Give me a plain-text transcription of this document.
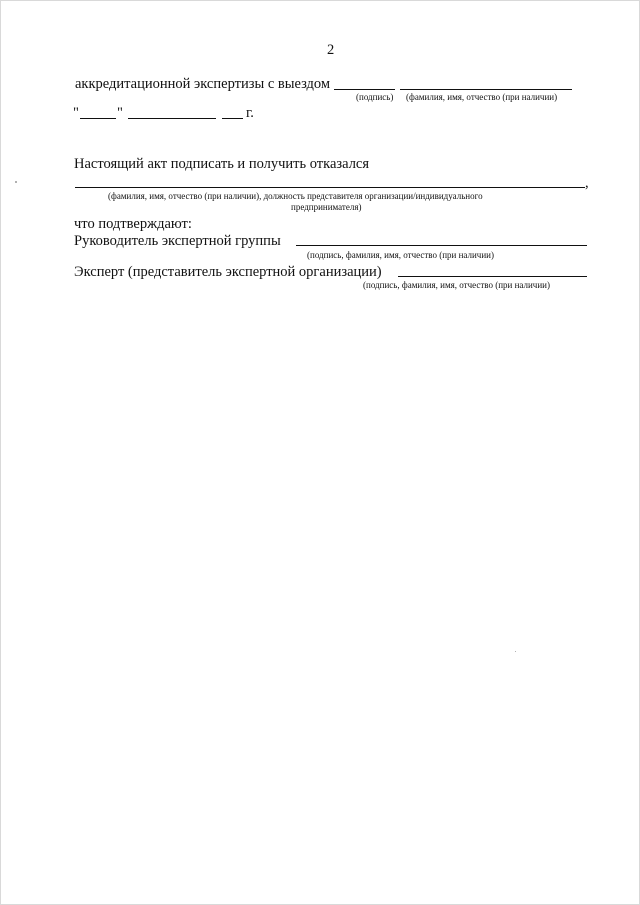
2
аккредитационной экспертизы с выездом
(подпись) (фамилия, имя, отчество (при наличии)
"	"	г.
Настоящий акт подписать и получить отказался
,
(фамилия, имя, отчество (при наличии), должность представителя организации/индивидуального
предпринимателя)
что подтверждают:
Руководитель экспертной группы
(подпись, фамилия, имя, отчество (при наличии)
Эксперт (представитель экспертной организации)
(подпись, фамилия, имя, отчество (при наличии)
